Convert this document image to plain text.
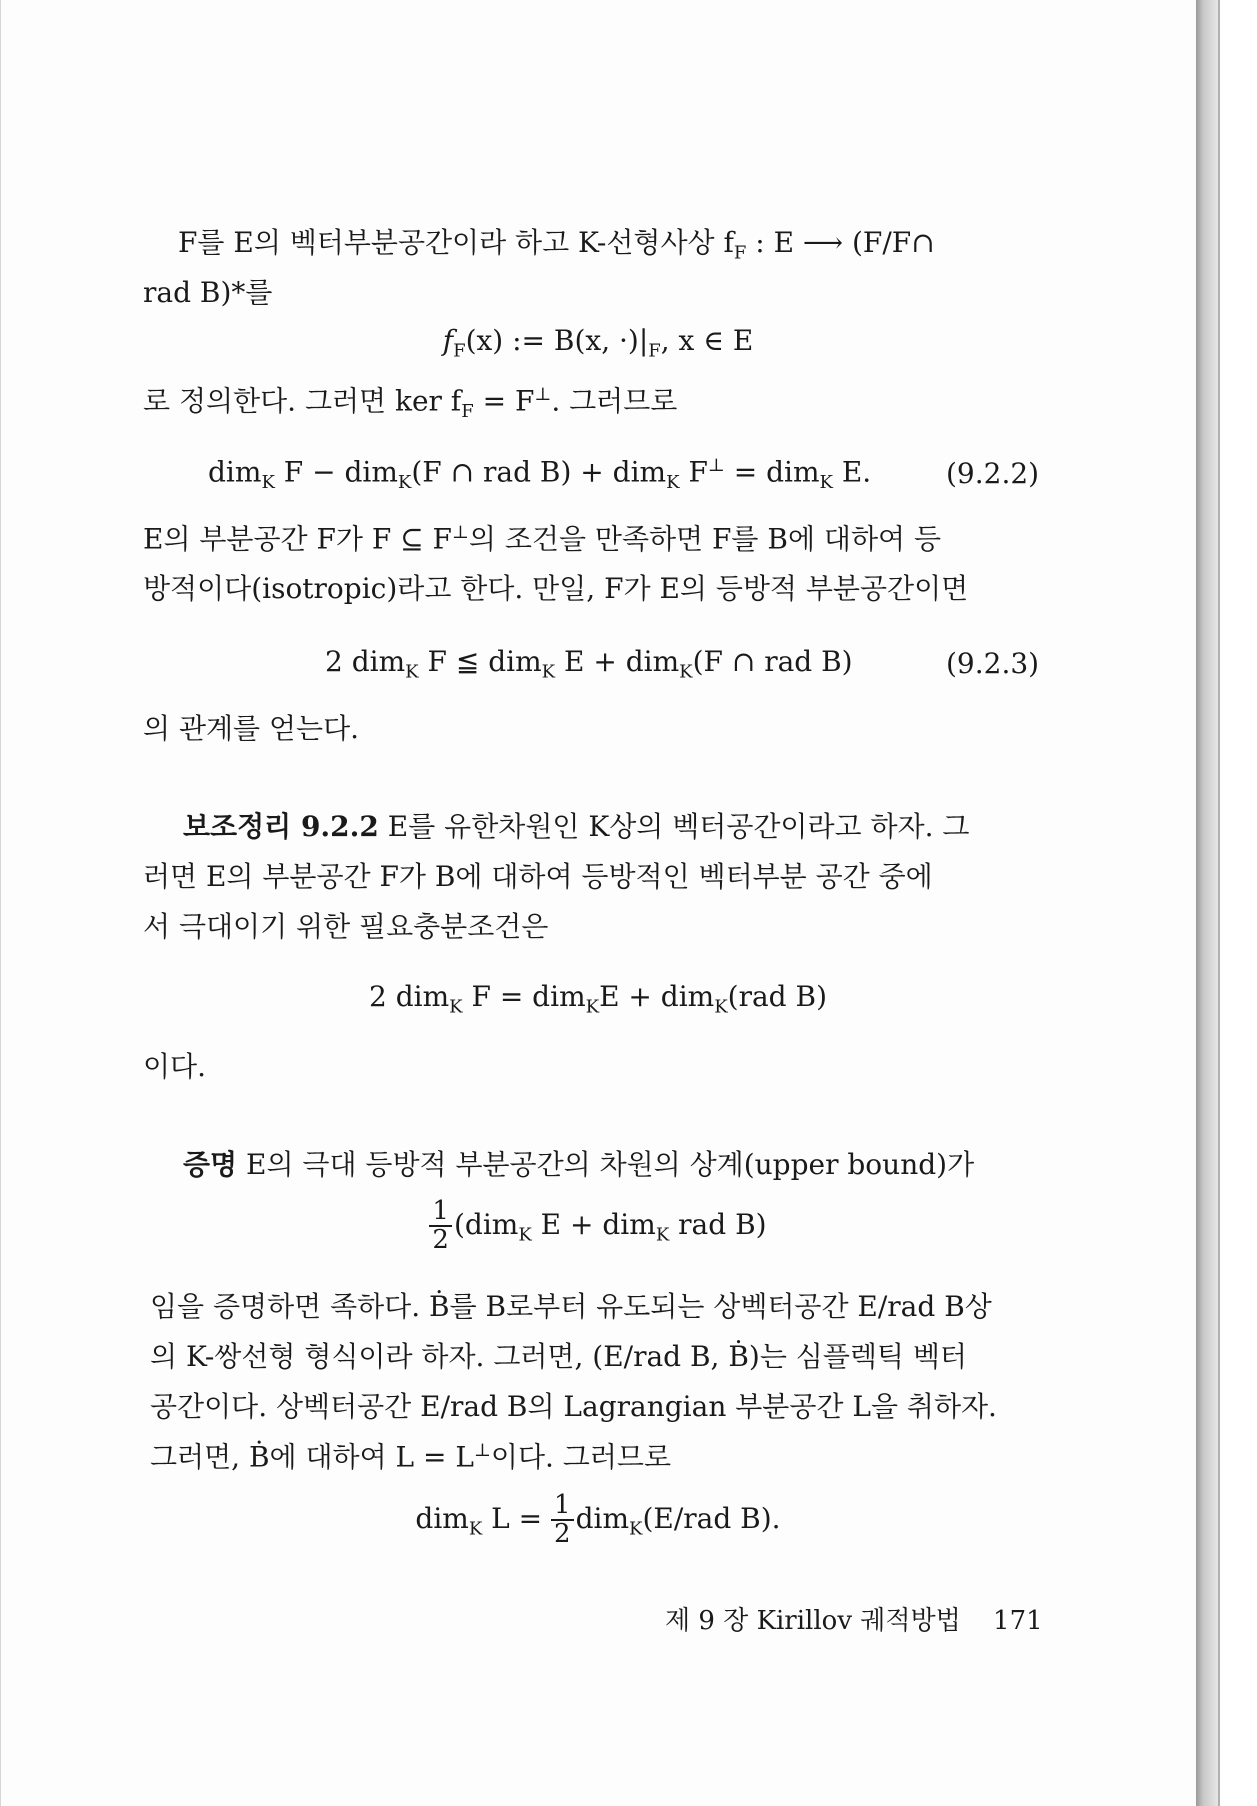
F를 E의 벡터부분공간이라 하고 K-선형사상 $f_F$ : E ⟶ (F/F∩
rad B)*를
$f_F(x)$ := B(x, $\cdot)|_F$, x ∈ E
로 정의한다. 그러면 ker $f_F = F^\perp$. 그러므로
dim$_K$ F − dim$_K$(F ∩ rad B) + dim$_K$ F⊥ = dim$_K$ E.	(9.2.2)
E의 부분공간 F가 F ⊆ F⊥의 조건을 만족하면 F를 B에 대하여 등
방적이다(isotropic)라고 한다. 만일, F가 E의 등방적 부분공간이면
2 dim$_K$ F ≦ dim$_K$ E + dim$_K$(F ∩ rad B)	(9.2.3)
의 관계를 얻는다.
보조정리 9.2.2 E를 유한차원인 K상의 벡터공간이라고 하자. 그
러면 E의 부분공간 F가 B에 대하여 등방적인 벡터부분 공간 중에
서 극대이기 위한 필요충분조건은
2 dim$_K$ F = dim$_K$E + dim$_K$(rad B)
이다.
증명 E의 극대 등방적 부분공간의 차원의 상계(upper bound)가
$\frac{1}{2} (dim_K$ E + dim$_K$ rad B)
임을 증명하면 족하다. Ḃ를 B로부터 유도되는 상벡터공간 E/rad B상
의 K-쌍선형 형식이라 하자. 그러면, (E/rad B, Ḃ)는 심플렉틱 벡터
공간이다. 상벡터공간 E/rad B의 Lagrangian 부분공간 L을 취하자.
그러면, Ḃ에 대하여 L = L⊥이다. 그러므로
dim$_K$ $L = \frac{1}{2} dim_K(E/rad$ B).
제 9 장 Kirillov 궤적방법 171
